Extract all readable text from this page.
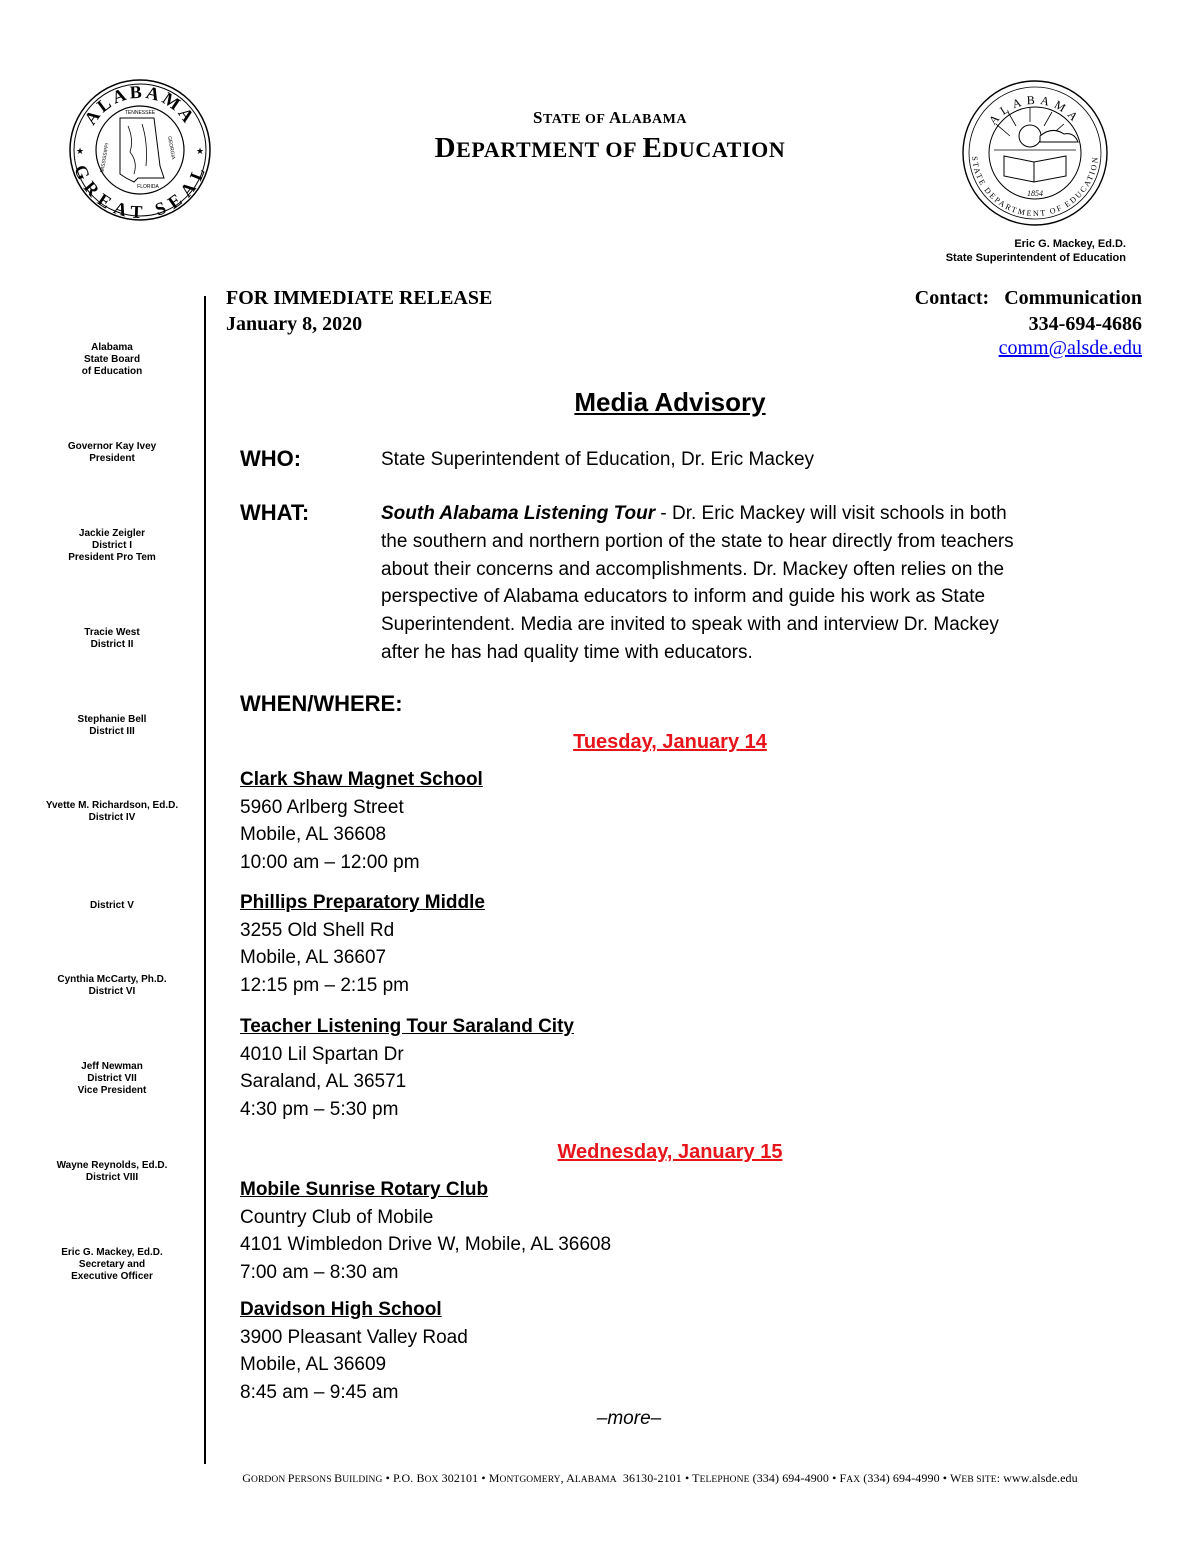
ALABAMA
GREAT SEAL
TENNESSEE
MISSISSIPPI	GEORGIA
FLORIDA
★	★
ALABAMA
STATE DEPARTMENT OF EDUCATION
1854
STATE OF ALABAMA
DEPARTMENT OF EDUCATION
Eric G. Mackey, Ed.D.
State Superintendent of Education
Alabama
State Board
of Education
Governor Kay Ivey
President
Jackie Zeigler
District I
President Pro Tem
Tracie West
District II
Stephanie Bell
District III
Yvette M. Richardson, Ed.D.
District IV
District V
Cynthia McCarty, Ph.D.
District VI
Jeff Newman
District VII
Vice President
Wayne Reynolds, Ed.D.
District VIII
Eric G. Mackey, Ed.D.
Secretary and
Executive Officer
FOR IMMEDIATE RELEASE
January 8, 2020
Contact:   Communication
334-694-4686
comm@alsde.edu
Media Advisory
WHO:	State Superintendent of Education, Dr. Eric Mackey
WHAT:	South Alabama Listening Tour - Dr. Eric Mackey will visit schools in both
the southern and northern portion of the state to hear directly from teachers
about their concerns and accomplishments. Dr. Mackey often relies on the
perspective of Alabama educators to inform and guide his work as State
Superintendent. Media are invited to speak with and interview Dr. Mackey
after he has had quality time with educators.
WHEN/WHERE:
Tuesday, January 14
Clark Shaw Magnet School
5960 Arlberg Street
Mobile, AL 36608
10:00 am – 12:00 pm
Phillips Preparatory Middle
3255 Old Shell Rd
Mobile, AL 36607
12:15 pm – 2:15 pm
Teacher Listening Tour Saraland City
4010 Lil Spartan Dr
Saraland, AL 36571
4:30 pm – 5:30 pm
Wednesday, January 15
Mobile Sunrise Rotary Club
Country Club of Mobile
4101 Wimbledon Drive W, Mobile, AL 36608
7:00 am – 8:30 am
Davidson High School
3900 Pleasant Valley Road
Mobile, AL 36609
8:45 am – 9:45 am
–more–
GORDON PERSONS BUILDING • P.O. BOX 302101 • MONTGOMERY, ALABAMA  36130-2101 • TELEPHONE (334) 694-4900 • FAX (334) 694-4990 • WEB SITE: www.alsde.edu
